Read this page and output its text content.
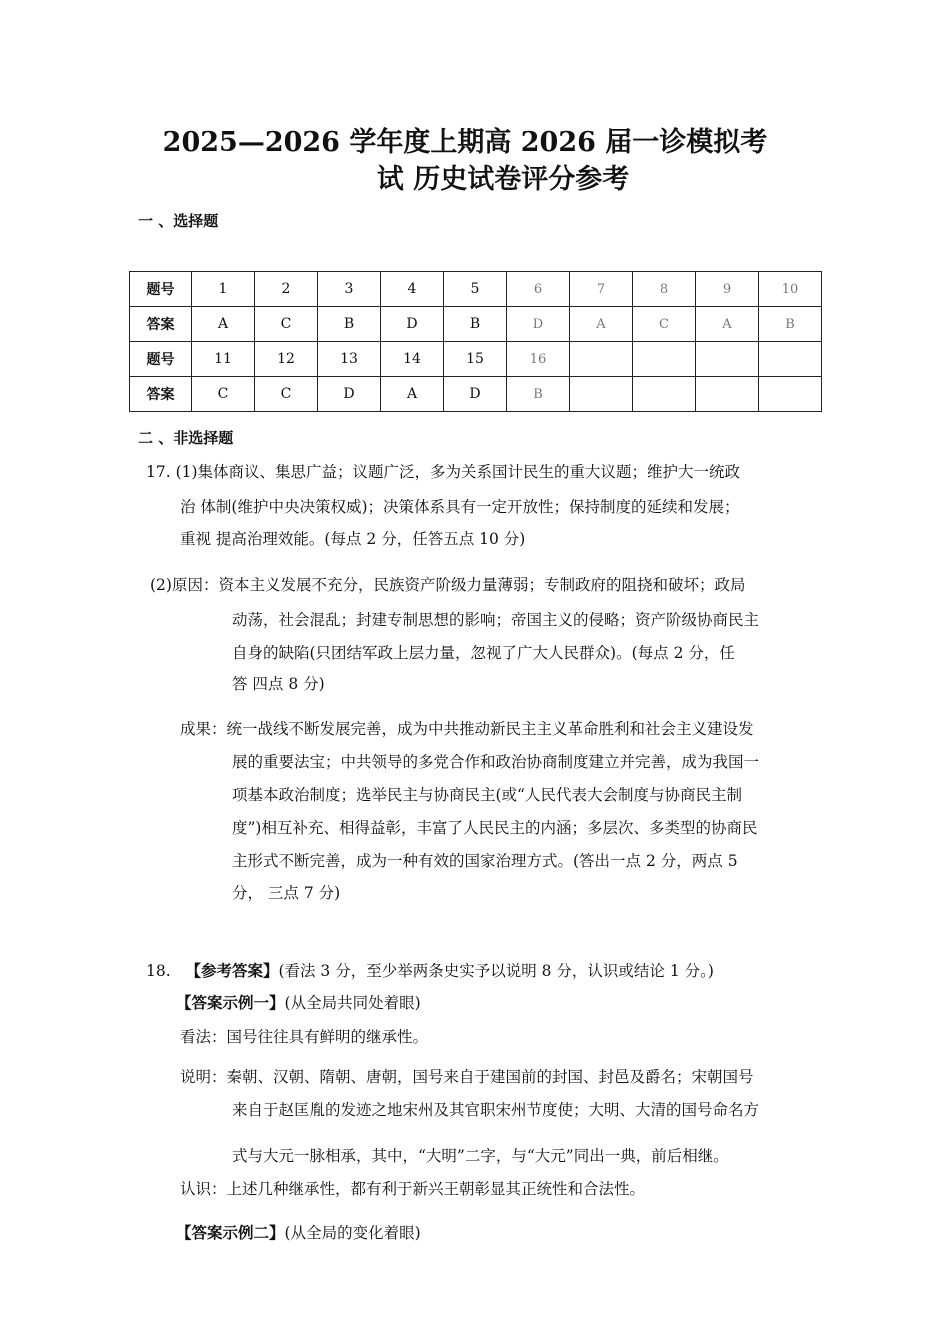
2025—2026 学年度上期高 2026 届一诊模拟考
试 历史试卷评分参考
一 、选择题
题号	1	2	3	4	5	6	7	8	9	10
答案	A	C	B	D	B	D	A	C	A	B
题号	11	12	13	14	15	16				
答案	C	C	D	A	D	B				
二 、非选择题
17. (1)集体商议、集思广益；议题广泛，多为关系国计民生的重大议题；维护大一统政
治 体制(维护中央决策权威)；决策体系具有一定开放性；保持制度的延续和发展；
重视 提高治理效能。(每点 2 分，任答五点 10 分)
(2)原因：资本主义发展不充分，民族资产阶级力量薄弱；专制政府的阻挠和破坏；政局
动荡，社会混乱；封建专制思想的影响；帝国主义的侵略；资产阶级协商民主
自身的缺陷(只团结军政上层力量，忽视了广大人民群众)。(每点 2 分，任
答 四点 8 分)
成果：统一战线不断发展完善，成为中共推动新民主主义革命胜利和社会主义建设发
展的重要法宝；中共领导的多党合作和政治协商制度建立并完善，成为我国一
项基本政治制度；选举民主与协商民主(或“人民代表大会制度与协商民主制
度”)相互补充、相得益彰，丰富了人民民主的内涵；多层次、多类型的协商民
主形式不断完善，成为一种有效的国家治理方式。(答出一点 2 分，两点 5
分， 三点 7 分)
18. 【参考答案】(看法 3 分，至少举两条史实予以说明 8 分，认识或结论 1 分。)
【答案示例一】(从全局共同处着眼)
看法：国号往往具有鲜明的继承性。
说明：秦朝、汉朝、隋朝、唐朝，国号来自于建国前的封国、封邑及爵名；宋朝国号
来自于赵匡胤的发迹之地宋州及其官职宋州节度使；大明、大清的国号命名方
式与大元一脉相承，其中，“大明”二字，与“大元”同出一典，前后相继。
认识：上述几种继承性，都有利于新兴王朝彰显其正统性和合法性。
【答案示例二】(从全局的变化着眼)
